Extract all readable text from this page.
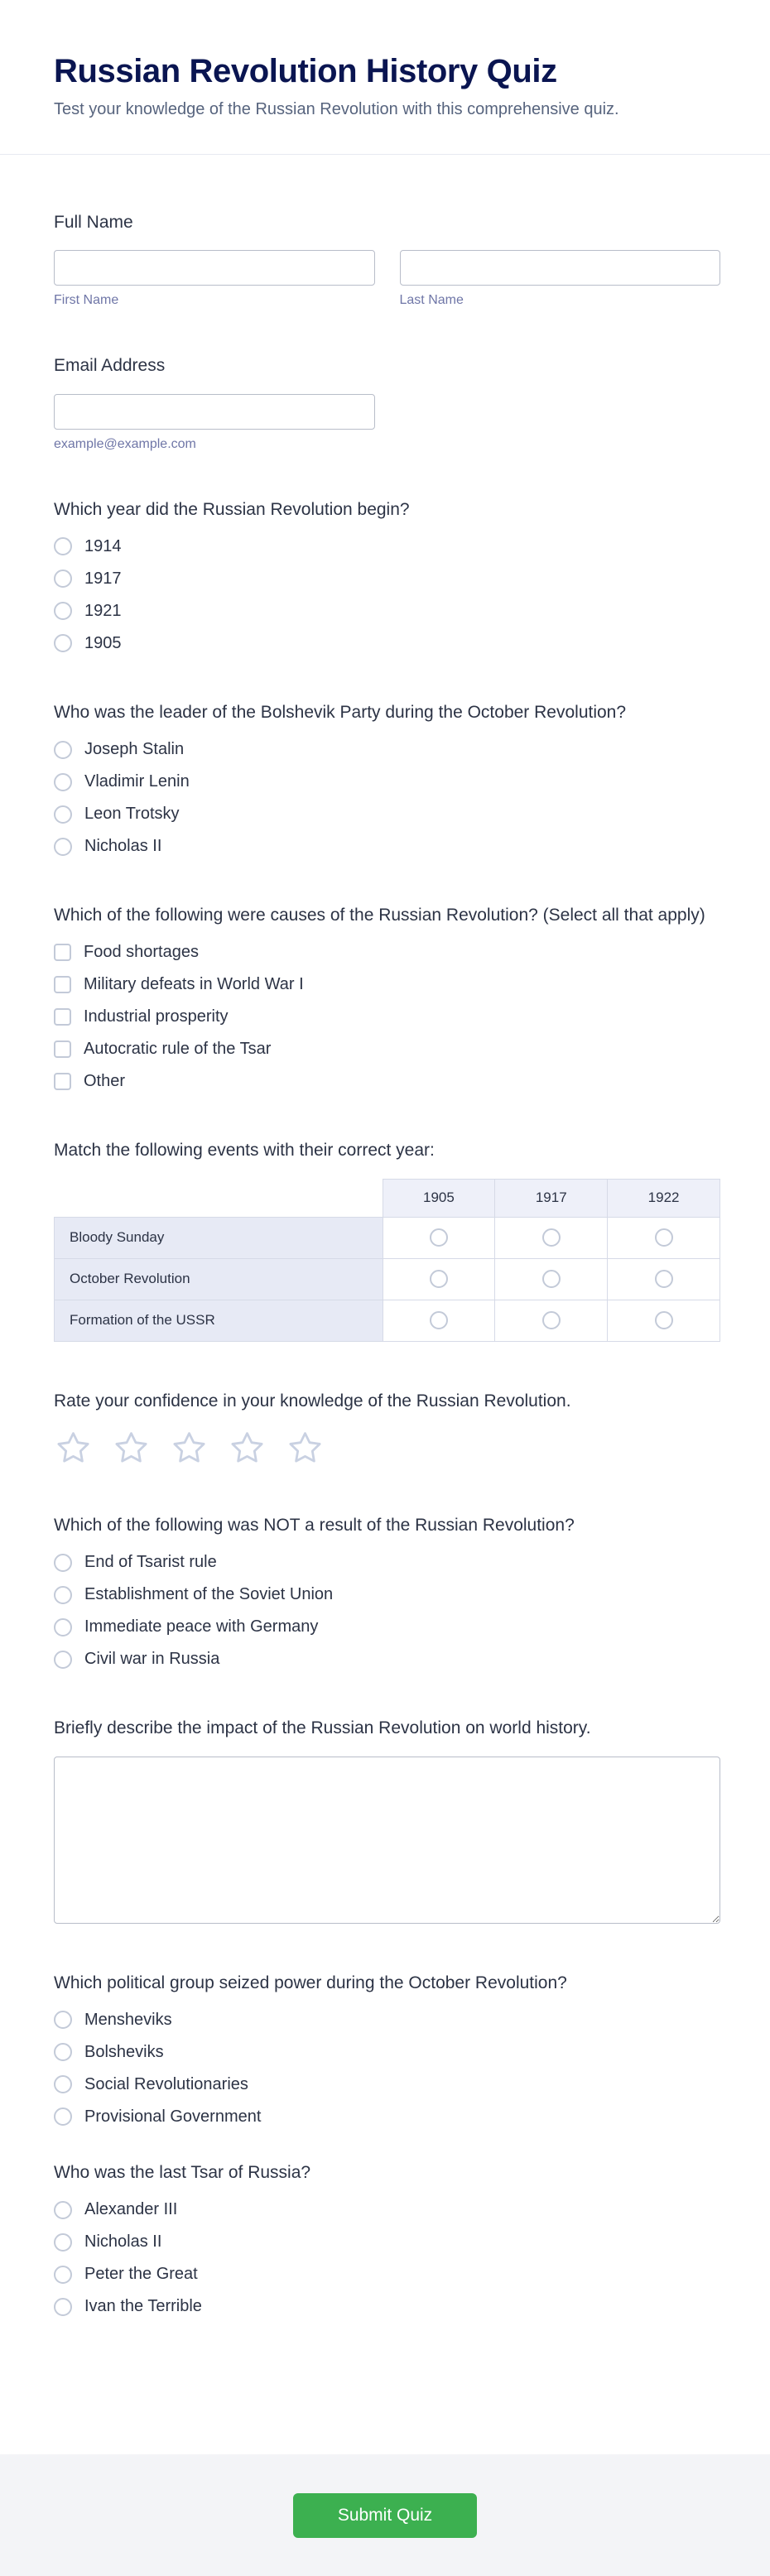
Russian Revolution History Quiz
Test your knowledge of the Russian Revolution with this comprehensive quiz.
Full Name
First Name	Last Name
Email Address
example@example.com
Which year did the Russian Revolution begin?
1914
1917
1921
1905
Who was the leader of the Bolshevik Party during the October Revolution?
Joseph Stalin
Vladimir Lenin
Leon Trotsky
Nicholas II
Which of the following were causes of the Russian Revolution? (Select all that apply)
Food shortages
Military defeats in World War I
Industrial prosperity
Autocratic rule of the Tsar
Other
Match the following events with their correct year:
	1905	1917	1922
Bloody Sunday			
October Revolution			
Formation of the USSR			
Rate your confidence in your knowledge of the Russian Revolution.
Which of the following was NOT a result of the Russian Revolution?
End of Tsarist rule
Establishment of the Soviet Union
Immediate peace with Germany
Civil war in Russia
Briefly describe the impact of the Russian Revolution on world history.
Which political group seized power during the October Revolution?
Mensheviks
Bolsheviks
Social Revolutionaries
Provisional Government
Who was the last Tsar of Russia?
Alexander III
Nicholas II
Peter the Great
Ivan the Terrible
Submit Quiz
